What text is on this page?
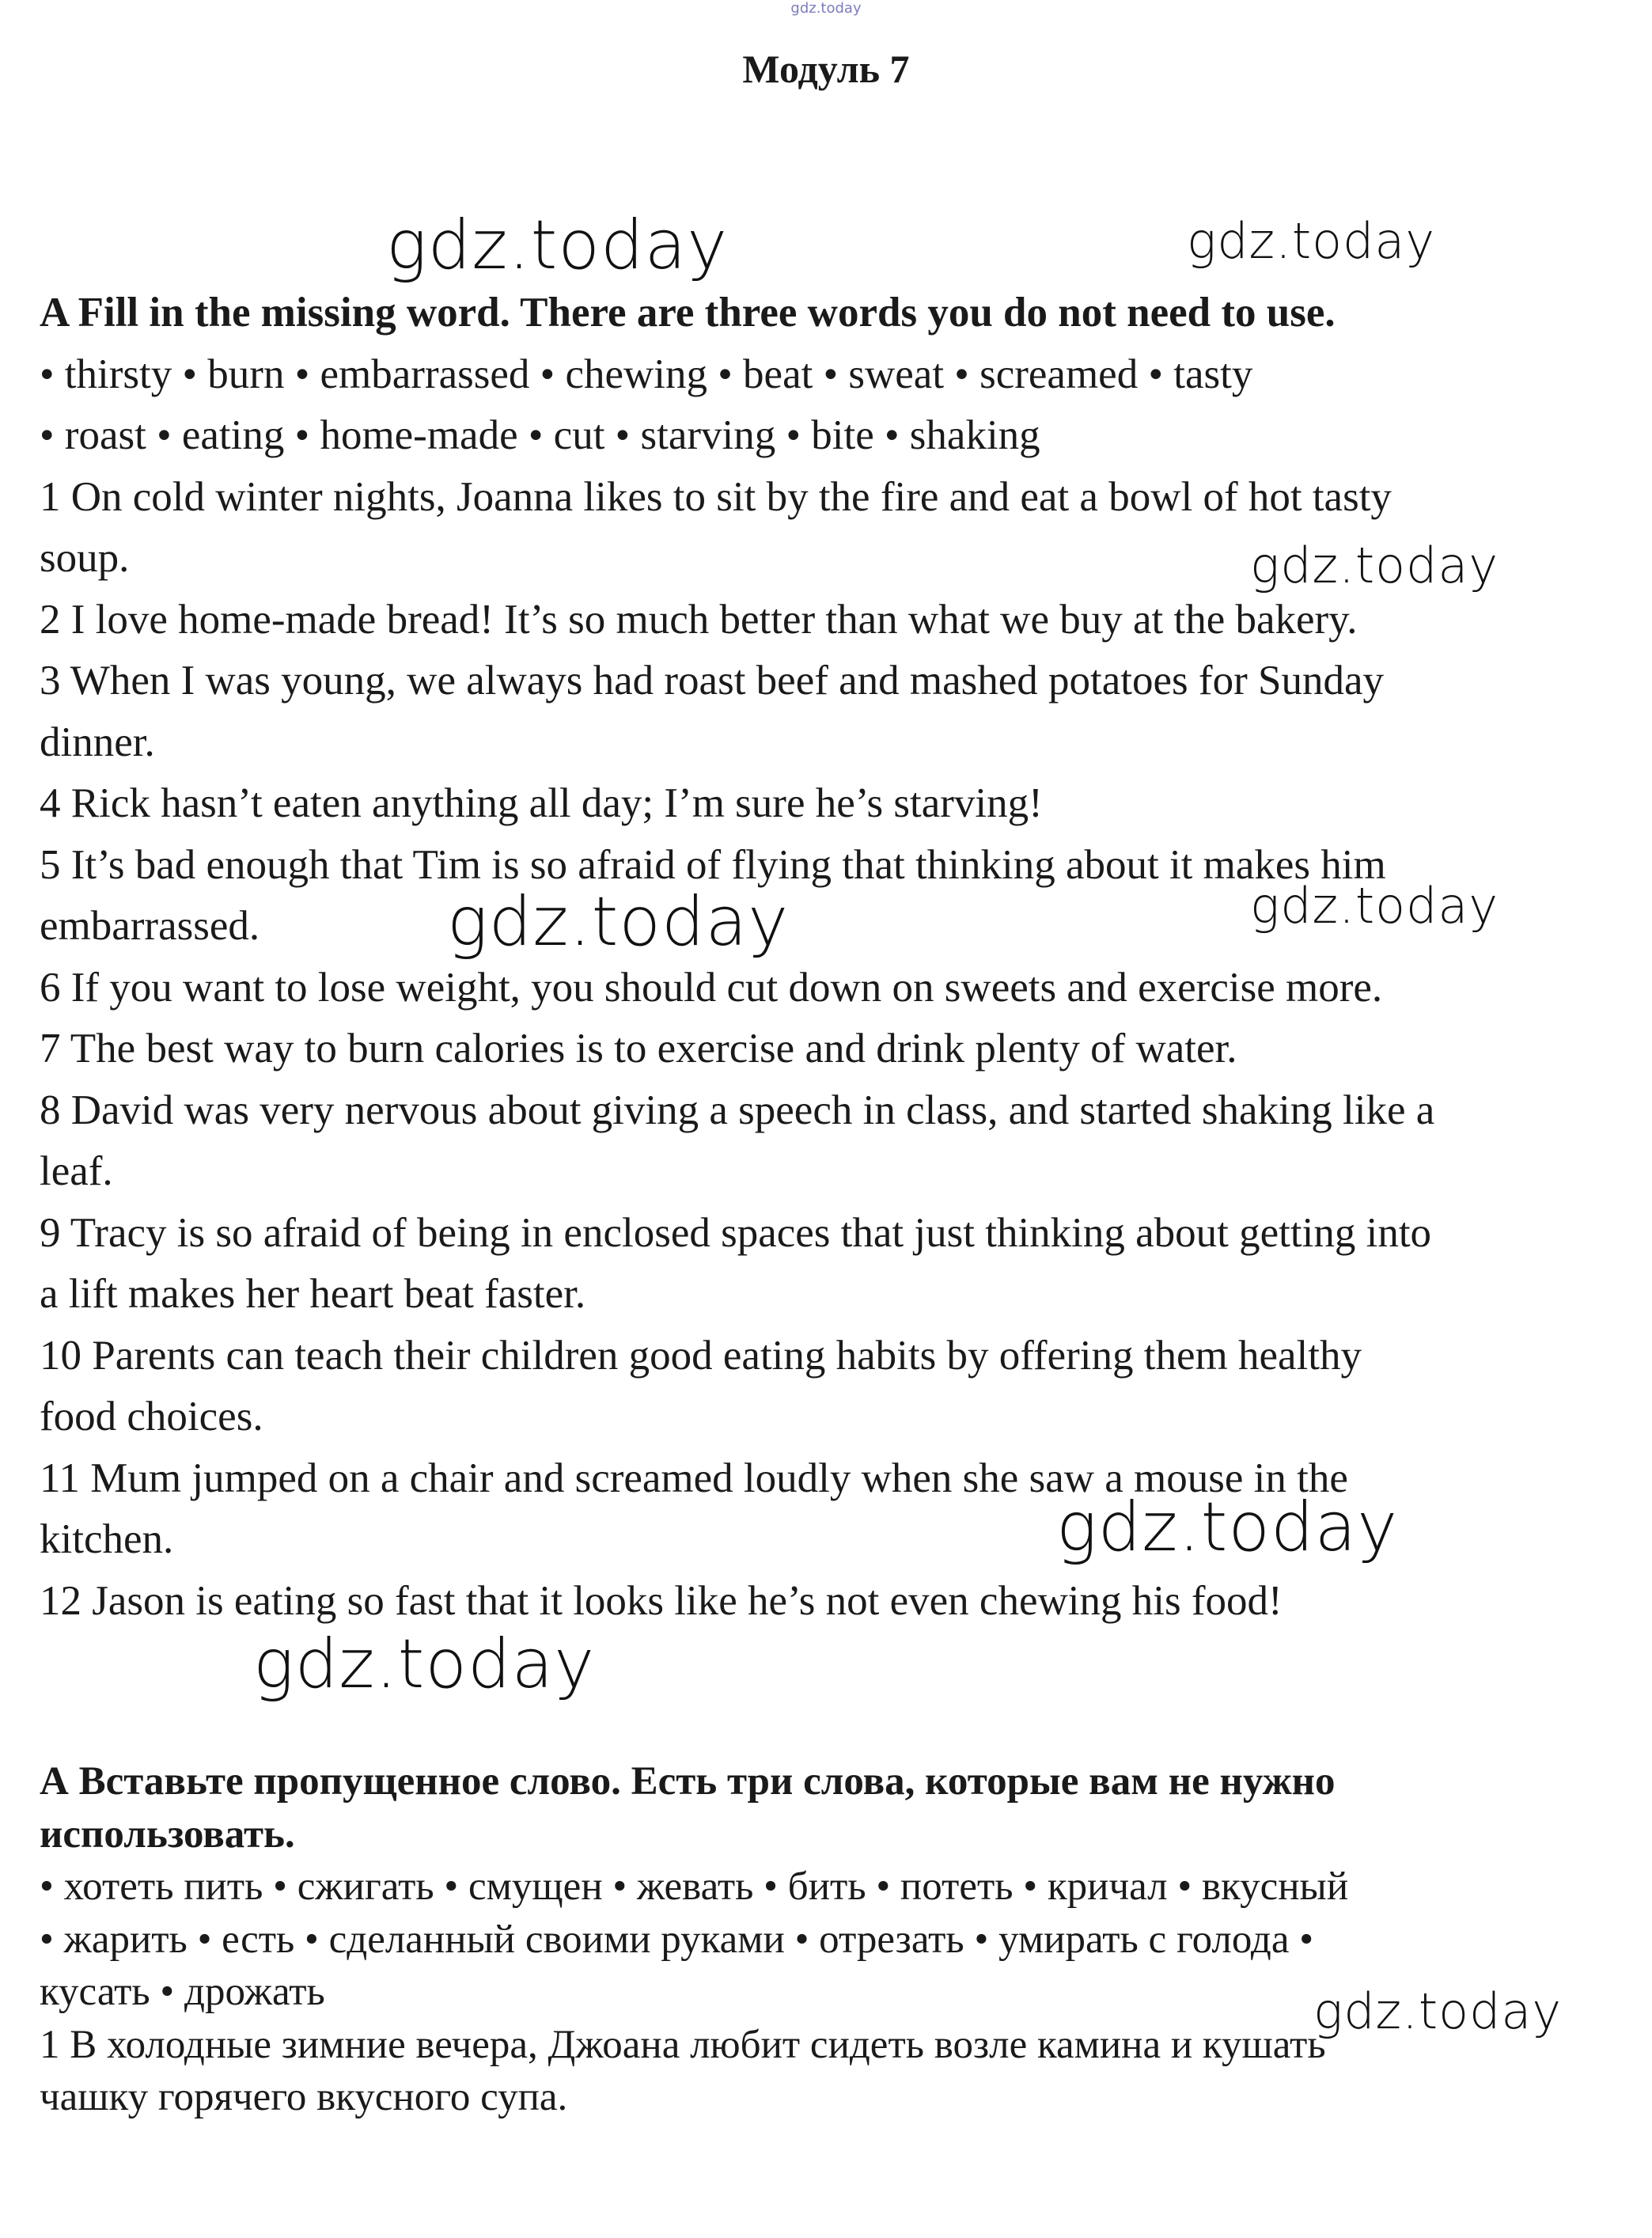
gdz.today
Модуль 7
A Fill in the missing word. There are three words you do not need to use.
• thirsty • burn • embarrassed • chewing • beat • sweat • screamed • tasty
• roast • eating • home-made • cut • starving • bite • shaking
1 On cold winter nights, Joanna likes to sit by the fire and eat a bowl of hot tasty
soup.
2 I love home-made bread! It’s so much better than what we buy at the bakery.
3 When I was young, we always had roast beef and mashed potatoes for Sunday
dinner.
4 Rick hasn’t eaten anything all day; I’m sure he’s starving!
5 It’s bad enough that Tim is so afraid of flying that thinking about it makes him
embarrassed.
6 If you want to lose weight, you should cut down on sweets and exercise more.
7 The best way to burn calories is to exercise and drink plenty of water.
8 David was very nervous about giving a speech in class, and started shaking like a
leaf.
9 Tracy is so afraid of being in enclosed spaces that just thinking about getting into
a lift makes her heart beat faster.
10 Parents can teach their children good eating habits by offering them healthy
food choices.
11 Mum jumped on a chair and screamed loudly when she saw a mouse in the
kitchen.
12 Jason is eating so fast that it looks like he’s not even chewing his food!
А Вставьте пропущенное слово. Есть три слова, которые вам не нужно
использовать.
• хотеть пить • сжигать • смущен • жевать • бить • потеть • кричал • вкусный
• жарить • есть • сделанный своими руками • отрезать • умирать с голода •
кусать • дрожать
1 В холодные зимние вечера, Джоана любит сидеть возле камина и кушать
чашку горячего вкусного супа.
gdz.today	gdz.today
gdz.today
gdz.today	gdz.today
gdz.today
gdz.today
gdz.today
